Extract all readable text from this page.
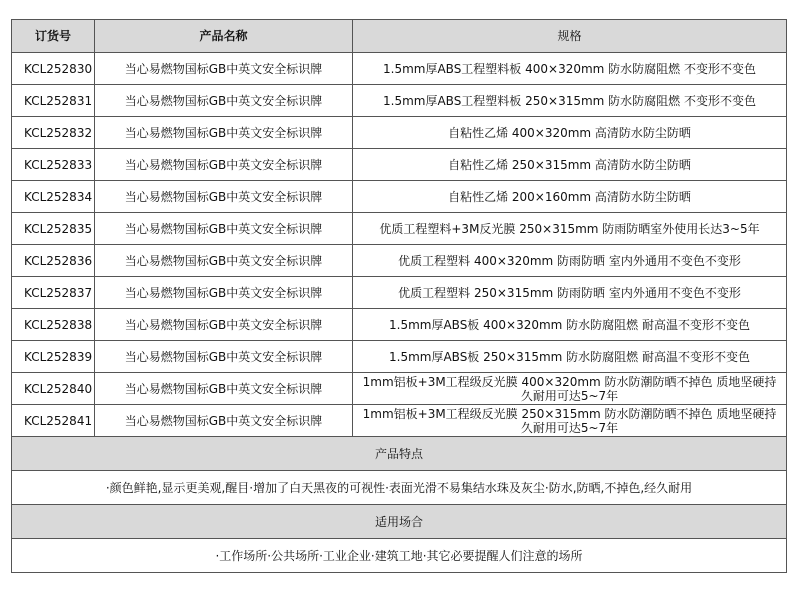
订货号	产品名称	规格
KCL252830	当心易燃物国标GB中英文安全标识牌	1.5mm厚ABS工程塑料板 400×320mm 防水防腐阻燃 不变形不变色
KCL252831	当心易燃物国标GB中英文安全标识牌	1.5mm厚ABS工程塑料板 250×315mm 防水防腐阻燃 不变形不变色
KCL252832	当心易燃物国标GB中英文安全标识牌	自粘性乙烯 400×320mm 高清防水防尘防晒
KCL252833	当心易燃物国标GB中英文安全标识牌	自粘性乙烯 250×315mm 高清防水防尘防晒
KCL252834	当心易燃物国标GB中英文安全标识牌	自粘性乙烯 200×160mm 高清防水防尘防晒
KCL252835	当心易燃物国标GB中英文安全标识牌	优质工程塑料+3M反光膜 250×315mm 防雨防晒室外使用长达3~5年
KCL252836	当心易燃物国标GB中英文安全标识牌	优质工程塑料 400×320mm 防雨防晒 室内外通用不变色不变形
KCL252837	当心易燃物国标GB中英文安全标识牌	优质工程塑料 250×315mm 防雨防晒 室内外通用不变色不变形
KCL252838	当心易燃物国标GB中英文安全标识牌	1.5mm厚ABS板 400×320mm 防水防腐阻燃 耐高温不变形不变色
KCL252839	当心易燃物国标GB中英文安全标识牌	1.5mm厚ABS板 250×315mm 防水防腐阻燃 耐高温不变形不变色
KCL252840	当心易燃物国标GB中英文安全标识牌	1mm铝板+3M工程级反光膜 400×320mm 防水防潮防晒不掉色 质地坚硬持久耐用可达5~7年
KCL252841	当心易燃物国标GB中英文安全标识牌	1mm铝板+3M工程级反光膜 250×315mm 防水防潮防晒不掉色 质地坚硬持久耐用可达5~7年
产品特点		
·颜色鲜艳,显示更美观,醒目·增加了白天黑夜的可视性·表面光滑不易集结水珠及灰尘·防水,防晒,不掉色,经久耐用		
适用场合		
·工作场所·公共场所·工业企业·建筑工地·其它必要提醒人们注意的场所		
